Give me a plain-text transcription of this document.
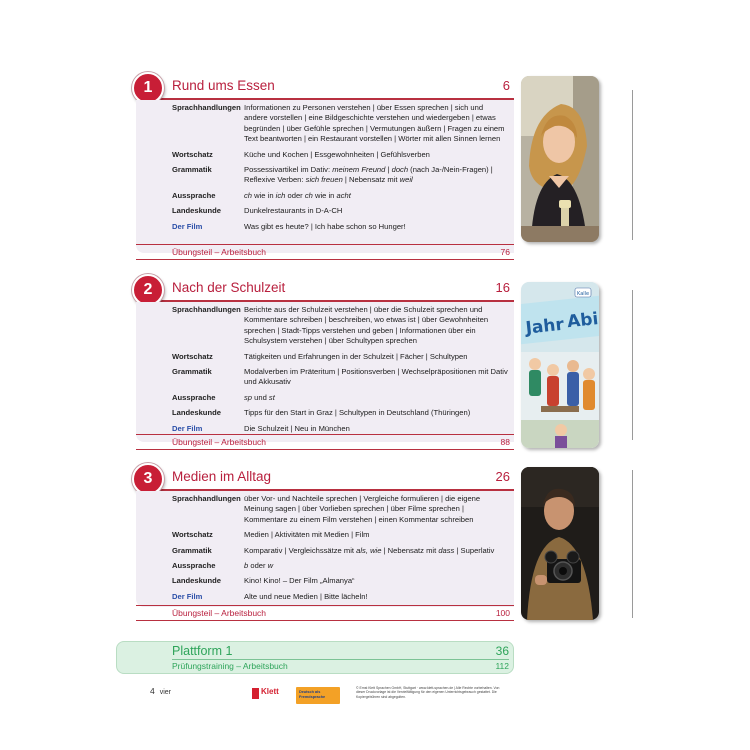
Rund ums Essen	6
1
Sprachhandlungen Informationen zu Personen verstehen | über Essen sprechen | sich und andere vorstellen | eine Bildgeschichte verstehen und wiedergeben | etwas begründen | über Gefühle sprechen | Vermutungen äußern | Fragen zu einem Text beantworten | ein Restaurant vorstellen | Wörter mit allen Sinnen lernen
Wortschatz	Küche und Kochen | Essgewohnheiten | Gefühlsverben
Grammatik	Possessivartikel im Dativ: meinem Freund | doch (nach Ja-/Nein-Fragen) | Reflexive Verben: sich freuen | Nebensatz mit weil
Aussprache	ch wie in ich oder ch wie in acht
Landeskunde	Dunkelrestaurants in D-A-CH
Der Film	Was gibt es heute? | Ich habe schon so Hunger!
Übungsteil – Arbeitsbuch	76
Nach der Schulzeit	16
2
Sprachhandlungen Berichte aus der Schulzeit verstehen | über die Schulzeit sprechen und Kommentare schreiben | beschreiben, wo etwas ist | über Gewohnheiten sprechen | Stadt-Tipps verstehen und geben | Informationen über ein Schulsystem verstehen | über Schultypen sprechen
Wortschatz	Tätigkeiten und Erfahrungen in der Schulzeit | Fächer | Schultypen
Grammatik	Modalverben im Präteritum | Positionsverben | Wechselpräpositionen mit Dativ und Akkusativ
Aussprache	sp und st
Landeskunde	Tipps für den Start in Graz | Schultypen in Deutschland (Thüringen)
Der Film	Die Schulzeit | Neu in München
Übungsteil – Arbeitsbuch	88
Jahr Abi
Kalle
Medien im Alltag	26
3
Sprachhandlungen über Vor- und Nachteile sprechen | Vergleiche formulieren | die eigene Meinung sagen | über Vorlieben sprechen | über Filme sprechen | Kommentare zu einem Film verstehen | einen Kommentar schreiben
Wortschatz	Medien | Aktivitäten mit Medien | Film
Grammatik	Komparativ | Vergleichssätze mit als, wie | Nebensatz mit dass | Superlativ
Aussprache	b oder w
Landeskunde	Kino! Kino! – Der Film „Almanya“
Der Film	Alte und neue Medien | Bitte lächeln!
Übungsteil – Arbeitsbuch	100
Plattform 1	36
Prüfungstraining – Arbeitsbuch	112
4 vier	Klett	Deutsch als Fremdsprache
© Ernst Klett Sprachen GmbH, Stuttgart · www.klett-sprachen.de | Alle Rechte vorbehalten. Von dieser Druckvorlage ist die Vervielfältigung für den eigenen Unterrichtsgebrauch gestattet. Die Kopiergebühren sind abgegolten.
